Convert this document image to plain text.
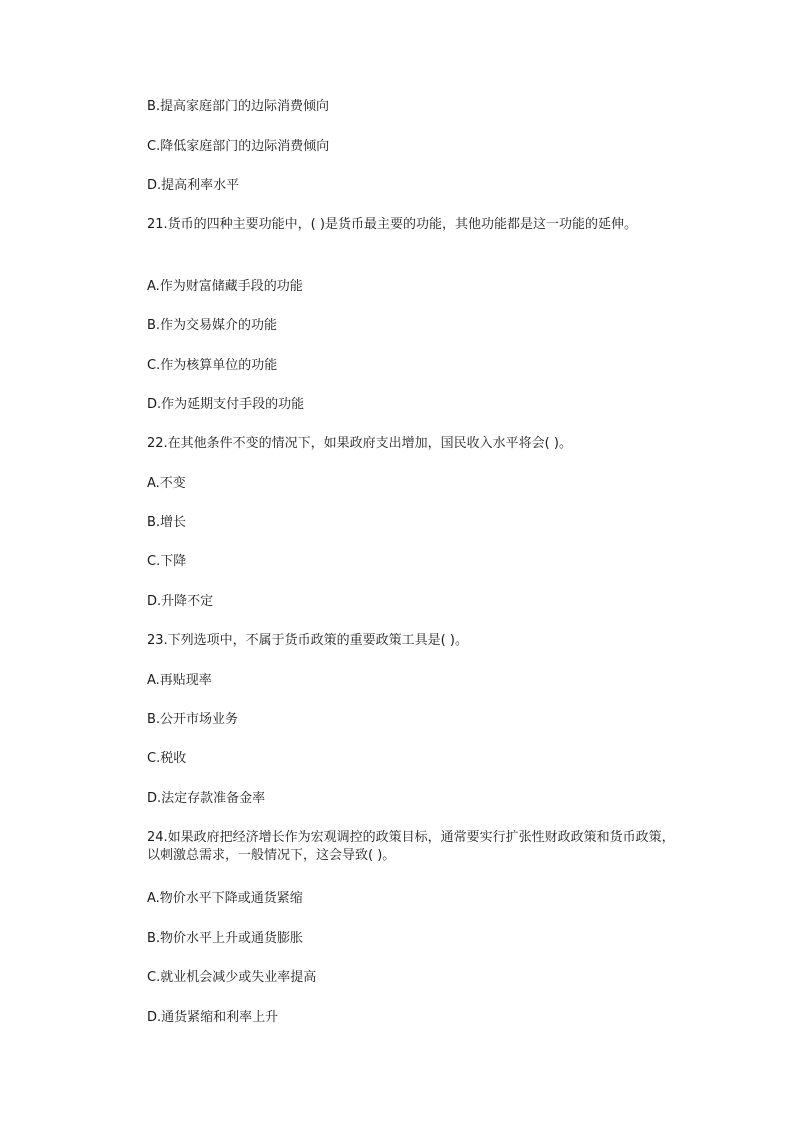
B.提高家庭部门的边际消费倾向
C.降低家庭部门的边际消费倾向
D.提高利率水平
21.货币的四种主要功能中，( )是货币最主要的功能，其他功能都是这一功能的延伸。
A.作为财富储藏手段的功能
B.作为交易媒介的功能
C.作为核算单位的功能
D.作为延期支付手段的功能
22.在其他条件不变的情况下，如果政府支出增加，国民收入水平将会( )。
A.不变
B.增长
C.下降
D.升降不定
23.下列选项中，不属于货币政策的重要政策工具是( )。
A.再贴现率
B.公开市场业务
C.税收
D.法定存款准备金率
24.如果政府把经济增长作为宏观调控的政策目标，通常要实行扩张性财政政策和货币政策，以刺激总需求，一般情况下，这会导致( )。
A.物价水平下降或通货紧缩
B.物价水平上升或通货膨胀
C.就业机会减少或失业率提高
D.通货紧缩和利率上升
